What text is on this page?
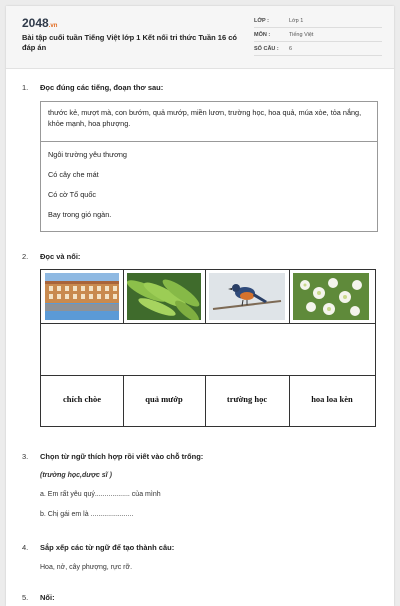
2048.vn
Bài tập cuối tuần Tiếng Việt lớp 1 Kết nối tri thức Tuần 16 có đáp án
LỚP :	Lớp 1
MÔN :	Tiếng Việt
SỐ CÂU : 6
1. Đọc đúng các tiếng, đoạn thơ sau:
thước kẻ, mượt mà, con bướm, quả mướp, miền lươn, trường học, hoa quả, múa xòe, tỏa nắng, khỏe mạnh, hoa phượng.
Ngôi trường yêu thương
Có cây che mát
Có cờ Tổ quốc
Bay trong gió ngàn.
2. Đọc và nối:
chích chòe	quả mướp	trường học	hoa loa kèn
3. Chọn từ ngữ thích hợp rồi viết vào chỗ trống:
(trường học,dược sĩ )
a. Em rất yêu quý.................. của mình
b. Chị gái em là ......................
4. Sắp xếp các từ ngữ để tạo thành câu:
Hoa, nở, cây phượng, rực rỡ.
5. Nối:
